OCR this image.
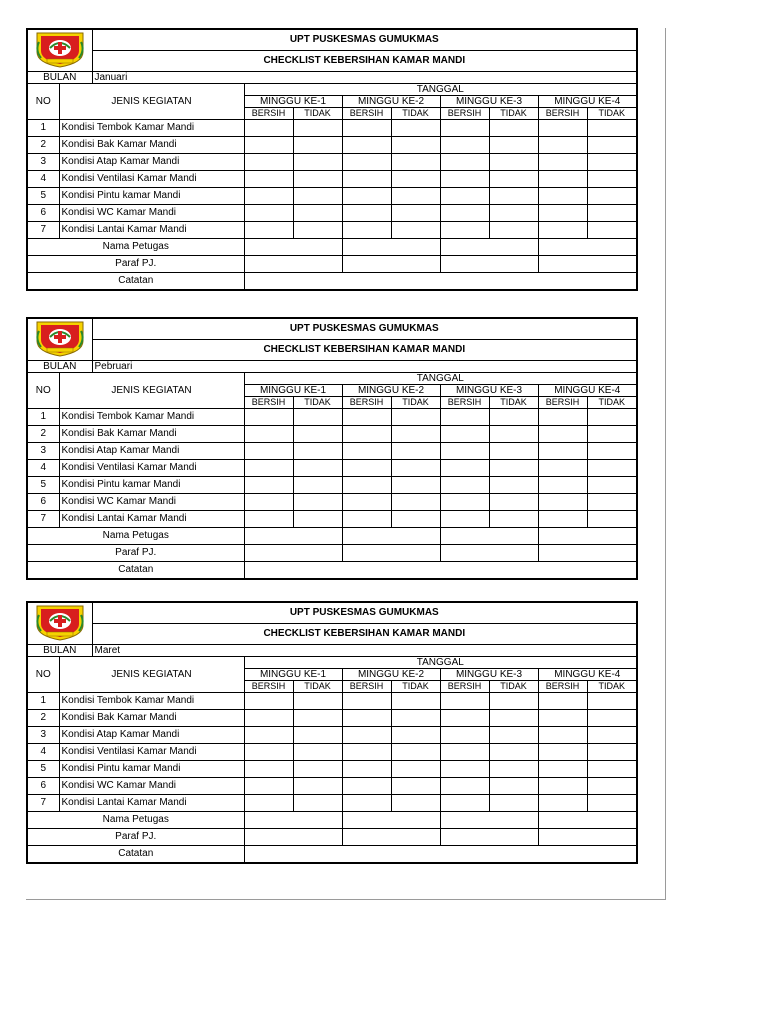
	UPT PUSKESMAS GUMUKMAS								
		CHECKLIST KEBERSIHAN KAMAR MANDI								
BULAN		Januari								
NO	JENIS KEGIATAN		TANGGAL							
			MINGGU KE-1		MINGGU KE-2		MINGGU KE-3		MINGGU KE-4	
			BERSIH	TIDAK	BERSIH	TIDAK	BERSIH	TIDAK	BERSIH	TIDAK
1	Kondisi Tembok Kamar Mandi									
2	Kondisi Bak Kamar Mandi									
3	Kondisi Atap Kamar Mandi									
4	Kondisi Ventilasi Kamar Mandi									
5	Kondisi Pintu kamar Mandi									
6	Kondisi WC Kamar Mandi									
7	Kondisi Lantai Kamar Mandi									
Nama Petugas										
Paraf PJ.										
Catatan										
	UPT PUSKESMAS GUMUKMAS								
		CHECKLIST KEBERSIHAN KAMAR MANDI								
BULAN		Pebruari								
NO	JENIS KEGIATAN		TANGGAL							
			MINGGU KE-1		MINGGU KE-2		MINGGU KE-3		MINGGU KE-4	
			BERSIH	TIDAK	BERSIH	TIDAK	BERSIH	TIDAK	BERSIH	TIDAK
1	Kondisi Tembok Kamar Mandi									
2	Kondisi Bak Kamar Mandi									
3	Kondisi Atap Kamar Mandi									
4	Kondisi Ventilasi Kamar Mandi									
5	Kondisi Pintu kamar Mandi									
6	Kondisi WC Kamar Mandi									
7	Kondisi Lantai Kamar Mandi									
Nama Petugas										
Paraf PJ.										
Catatan										
	UPT PUSKESMAS GUMUKMAS								
		CHECKLIST KEBERSIHAN KAMAR MANDI								
BULAN		Maret								
NO	JENIS KEGIATAN		TANGGAL							
			MINGGU KE-1		MINGGU KE-2		MINGGU KE-3		MINGGU KE-4	
			BERSIH	TIDAK	BERSIH	TIDAK	BERSIH	TIDAK	BERSIH	TIDAK
1	Kondisi Tembok Kamar Mandi									
2	Kondisi Bak Kamar Mandi									
3	Kondisi Atap Kamar Mandi									
4	Kondisi Ventilasi Kamar Mandi									
5	Kondisi Pintu kamar Mandi									
6	Kondisi WC Kamar Mandi									
7	Kondisi Lantai Kamar Mandi									
Nama Petugas										
Paraf PJ.										
Catatan										
